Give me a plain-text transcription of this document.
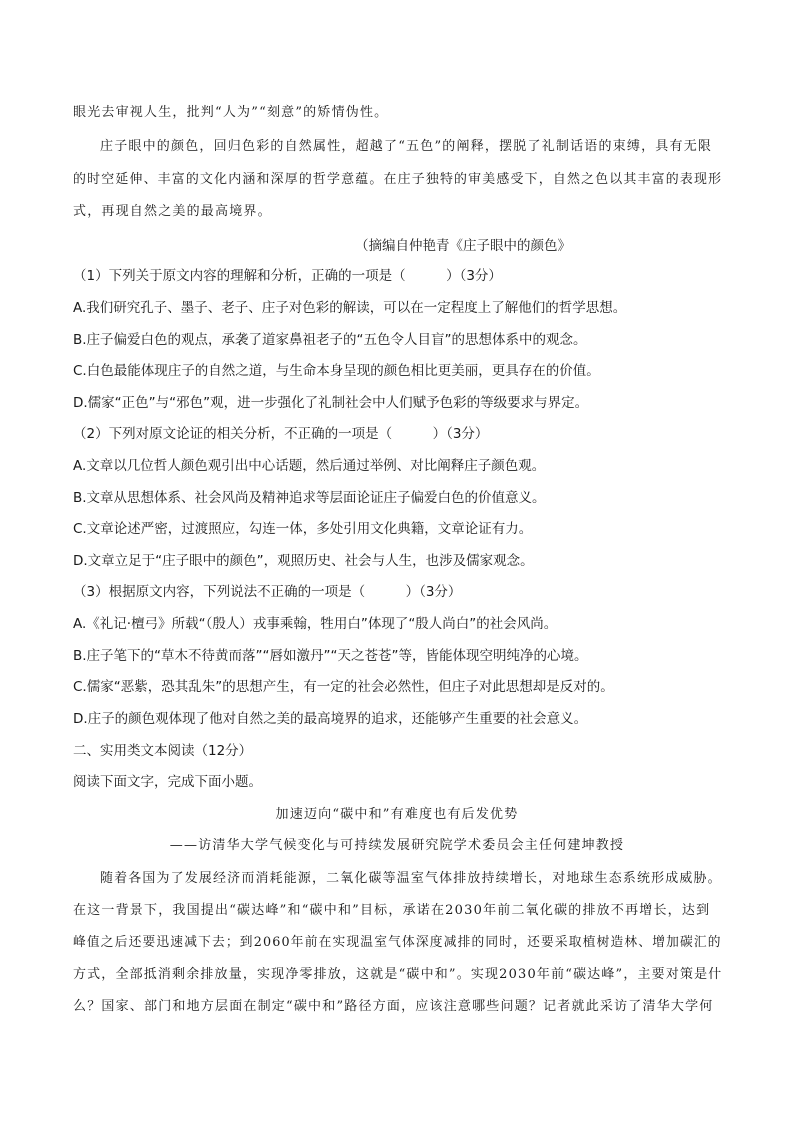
眼光去审视人生，批判“人为”“刻意”的矫情伪性。
庄子眼中的颜色，回归色彩的自然属性，超越了“五色”的阐释，摆脱了礼制话语的束缚，具有无限
的时空延伸、丰富的文化内涵和深厚的哲学意蕴。在庄子独特的审美感受下，自然之色以其丰富的表现形
式，再现自然之美的最高境界。
（摘编自仲艳青《庄子眼中的颜色》
（1）下列关于原文内容的理解和分析，正确的一项是（　　　）（3分）
A.我们研究孔子、墨子、老子、庄子对色彩的解读，可以在一定程度上了解他们的哲学思想。
B.庄子偏爱白色的观点，承袭了道家鼻祖老子的“五色令人目盲”的思想体系中的观念。
C.白色最能体现庄子的自然之道，与生命本身呈现的颜色相比更美丽，更具存在的价值。
D.儒家“正色”与“邪色”观，进一步强化了礼制社会中人们赋予色彩的等级要求与界定。
（2）下列对原文论证的相关分析，不正确的一项是（　　　）（3分）
A.文章以几位哲人颜色观引出中心话题，然后通过举例、对比阐释庄子颜色观。
B.文章从思想体系、社会风尚及精神追求等层面论证庄子偏爱白色的价值意义。
C.文章论述严密，过渡照应，勾连一体，多处引用文化典籍，文章论证有力。
D.文章立足于“庄子眼中的颜色”，观照历史、社会与人生，也涉及儒家观念。
（3）根据原文内容，下列说法不正确的一项是（　　　）（3分）
A.《礼记·檀弓》所载“（殷人）戎事乘翰，牲用白”体现了“殷人尚白”的社会风尚。
B.庄子笔下的“草木不待黄而落”“唇如激丹”“天之苍苍”等，皆能体现空明纯净的心境。
C.儒家“恶紫，恐其乱朱”的思想产生，有一定的社会必然性，但庄子对此思想却是反对的。
D.庄子的颜色观体现了他对自然之美的最高境界的追求，还能够产生重要的社会意义。
二、实用类文本阅读（12分）
阅读下面文字，完成下面小题。
加速迈向“碳中和”有难度也有后发优势
——访清华大学气候变化与可持续发展研究院学术委员会主任何建坤教授
随着各国为了发展经济而消耗能源，二氧化碳等温室气体排放持续增长，对地球生态系统形成威胁。
在这一背景下，我国提出“碳达峰”和“碳中和”目标，承诺在2030年前二氧化碳的排放不再增长，达到
峰值之后还要迅速减下去；到2060年前在实现温室气体深度减排的同时，还要采取植树造林、增加碳汇的
方式，全部抵消剩余排放量，实现净零排放，这就是“碳中和”。实现2030年前“碳达峰”，主要对策是什
么？国家、部门和地方层面在制定“碳中和”路径方面，应该注意哪些问题？记者就此采访了清华大学何
